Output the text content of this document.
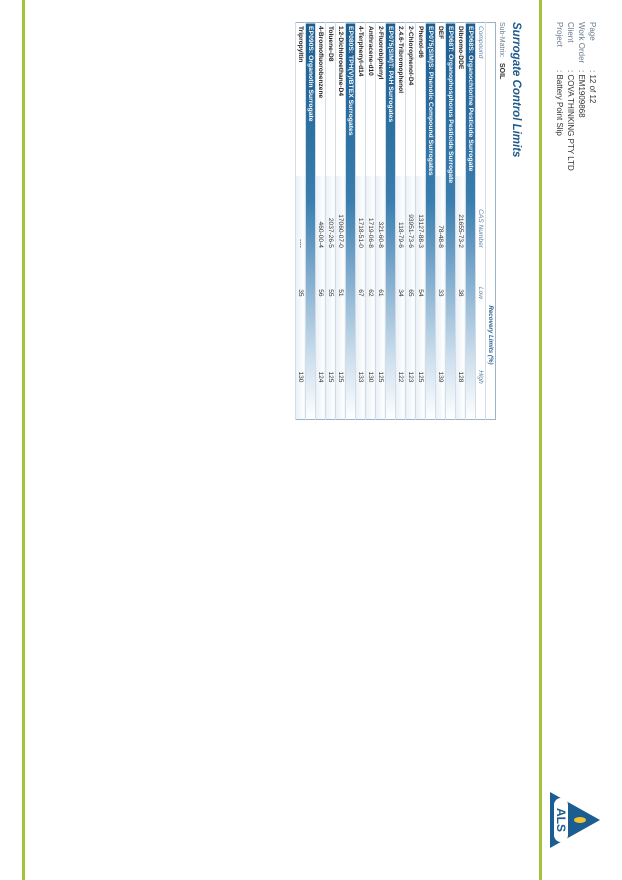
Page
: 12 of 12
Work Order
: EM1909868
Client
: COVA THINKING PTY LTD
Project
: Battery Point Slip
Surrogate Control Limits
Sub-Matrix:
SOIL
		Recovery Limits (%)	
Compound	CAS Number	Low	High
EP068S: Organochlorine Pesticide Surrogate			
Dibromo-DDE	21655-73-2	38	128
EP068T: Organophosphorus Pesticide Surrogate			
DEF	78-48-8	33	139
EP075(SIM)S: Phenolic Compound Surrogates			
Phenol-d6	13127-88-3	54	125
2-Chlorophenol-D4	93951-73-6	65	123
2.4.6-Tribromophenol	118-79-6	34	122
EP075(SIM)T: PAH Surrogates			
2-Fluorobiphenyl	321-60-8	61	125
Anthracene-d10	1719-06-8	62	130
4-Terphenyl-d14	1718-51-0	67	133
EP080S: TPH(V)/BTEX Surrogates			
1.2-Dichloroethane-D4	17060-07-0	51	125
Toluene-D8	2037-26-5	55	125
4-Bromofluorobenzene	460-00-4	56	124
EP090S: Organotin Surrogate			
Tripropyltin	----	35	130
ALS
